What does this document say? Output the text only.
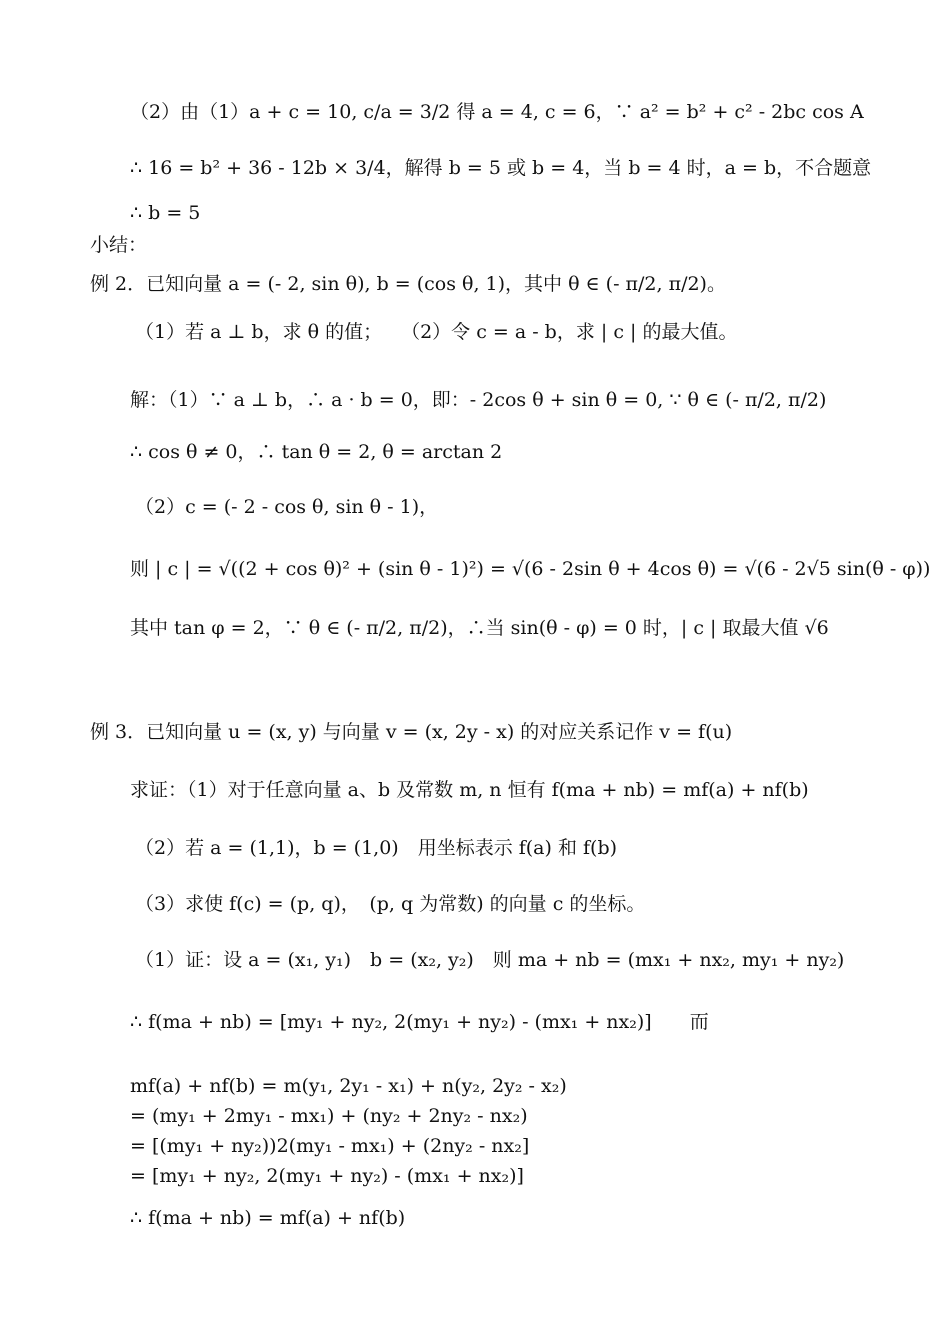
（2）由（1）a + c = 10, c/a = 3/2 得 a = 4, c = 6，∵ a² = b² + c² - 2bc cos A
∴ 16 = b² + 36 - 12b × 3/4，解得 b = 5 或 b = 4，当 b = 4 时，a = b，不合题意
∴ b = 5
小结：
例 2．已知向量 a = (- 2, sin θ), b = (cos θ, 1)，其中 θ ∈ (- π/2, π/2)。
（1）若 a ⊥ b，求 θ 的值；　　（2）令 c = a - b，求 | c | 的最大值。
解：（1）∵ a ⊥ b，∴ a · b = 0，即：- 2cos θ + sin θ = 0, ∵ θ ∈ (- π/2, π/2)
∴ cos θ ≠ 0，∴ tan θ = 2, θ = arctan 2
（2）c = (- 2 - cos θ, sin θ - 1)，
则 | c | = √((2 + cos θ)² + (sin θ - 1)²) = √(6 - 2sin θ + 4cos θ) = √(6 - 2√5 sin(θ - φ))
其中 tan φ = 2，∵ θ ∈ (- π/2, π/2)，∴当 sin(θ - φ) = 0 时，| c | 取最大值 √6
例 3．已知向量 u = (x, y) 与向量 v = (x, 2y - x) 的对应关系记作 v = f(u)
求证：（1）对于任意向量 a、b 及常数 m, n 恒有 f(ma + nb) = mf(a) + nf(b)
（2）若 a = (1,1)，b = (1,0)　用坐标表示 f(a) 和 f(b)
（3）求使 f(c) = (p, q)，　(p, q 为常数) 的向量 c 的坐标。
（1）证：设 a = (x₁, y₁)　b = (x₂, y₂)　则 ma + nb = (mx₁ + nx₂, my₁ + ny₂)
∴ f(ma + nb) = [my₁ + ny₂, 2(my₁ + ny₂) - (mx₁ + nx₂)]　　而
mf(a) + nf(b) = m(y₁, 2y₁ - x₁) + n(y₂, 2y₂ - x₂)
= (my₁ + 2my₁ - mx₁) + (ny₂ + 2ny₂ - nx₂)
= [(my₁ + ny₂))2(my₁ - mx₁) + (2ny₂ - nx₂]
= [my₁ + ny₂, 2(my₁ + ny₂) - (mx₁ + nx₂)]
∴ f(ma + nb) = mf(a) + nf(b)
